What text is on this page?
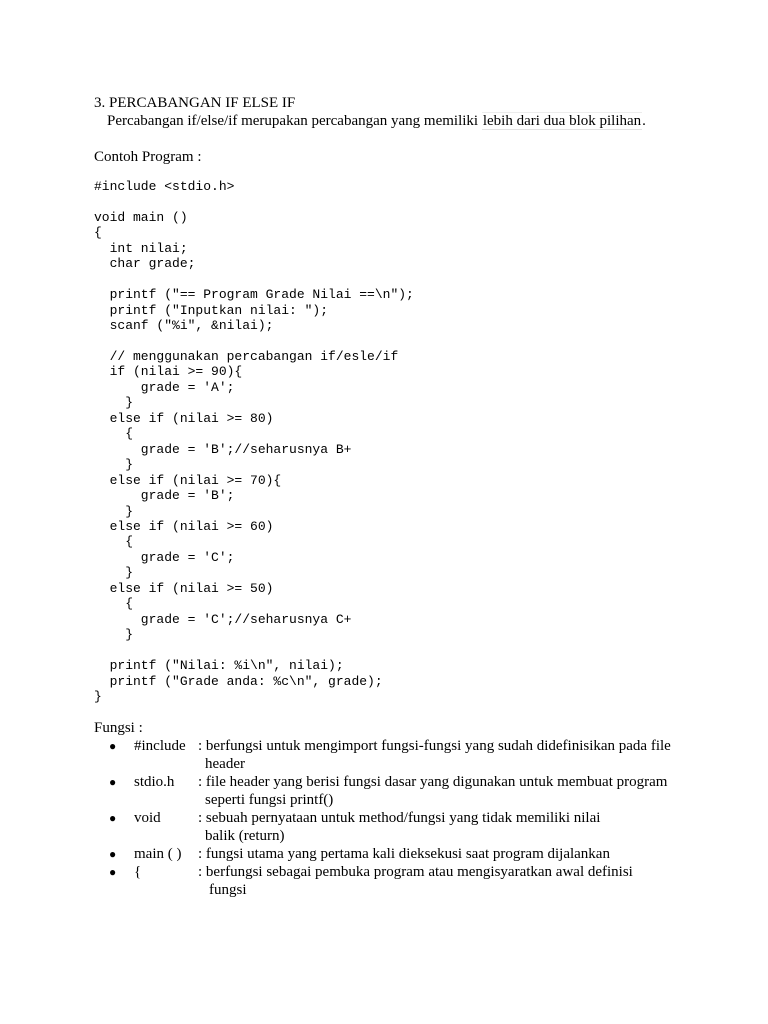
3. PERCABANGAN IF ELSE IF
Percabangan if/else/if merupakan percabangan yang memiliki lebih dari dua blok pilihan.
Contoh Program :
#include <stdio.h>

void main ()
{
int nilai;
char grade;

printf ("== Program Grade Nilai ==\n");
printf ("Inputkan nilai: ");
scanf ("%i", &nilai);

// menggunakan percabangan if/esle/if
if (nilai >= 90){
grade = 'A';
}
else if (nilai >= 80)
{
grade = 'B';//seharusnya B+
}
else if (nilai >= 70){
grade = 'B';
}
else if (nilai >= 60)
{
grade = 'C';
}
else if (nilai >= 50)
{
grade = 'C';//seharusnya C+
}

printf ("Nilai: %i\n", nilai);
printf ("Grade anda: %c\n", grade);
}

Fungsi :
●	#include : berfungsi untuk mengimport fungsi-fungsi yang sudah didefinisikan pada file
header
●	stdio.h	: file header yang berisi fungsi dasar yang digunakan untuk membuat program
seperti fungsi printf()
●	void	: sebuah pernyataan untuk method/fungsi yang tidak memiliki nilai
balik (return)
●	main ( )	: fungsi utama yang pertama kali dieksekusi saat program dijalankan
●	{	: berfungsi sebagai pembuka program atau mengisyaratkan awal definisi
fungsi
